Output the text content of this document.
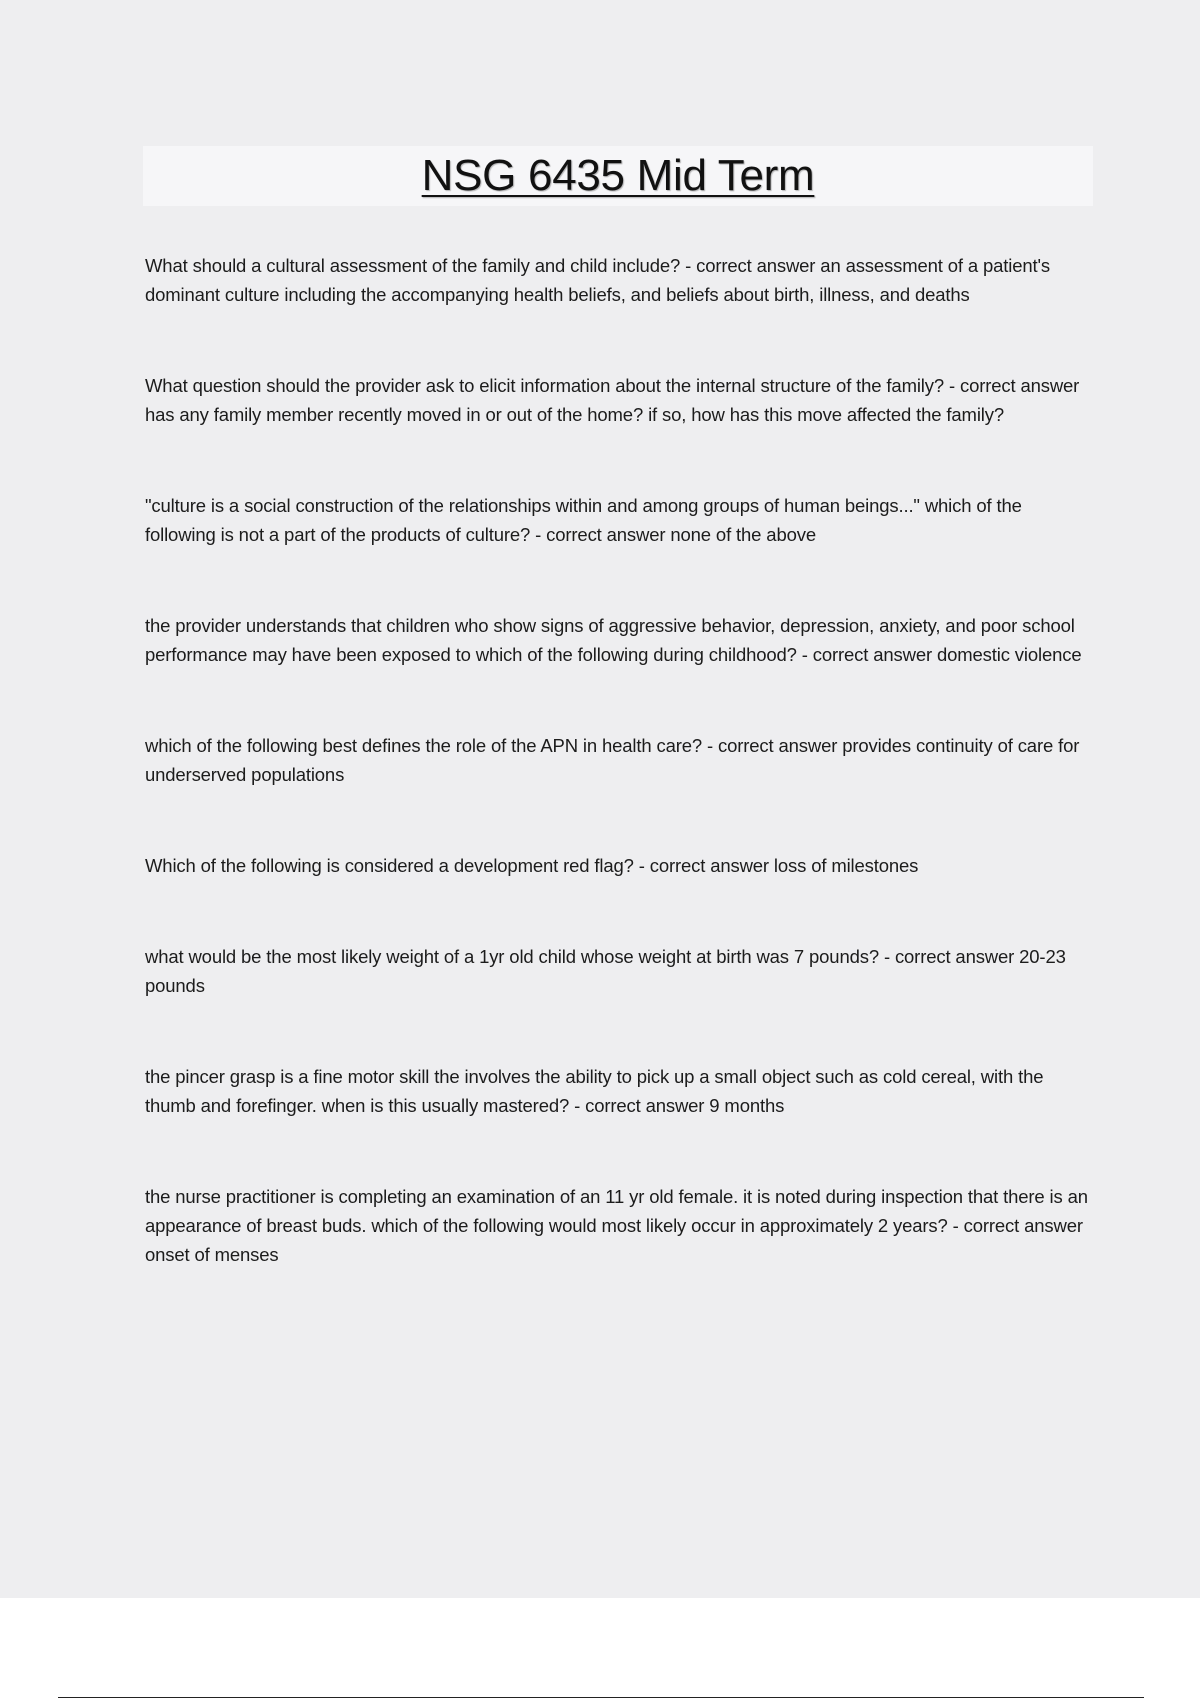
NSG 6435 Mid Term

What should a cultural assessment of the family and child include? - correct answer an assessment of a patient's dominant culture including the accompanying health beliefs, and beliefs about birth, illness, and deaths

What question should the provider ask to elicit information about the internal structure of the family? - correct answer has any family member recently moved in or out of the home? if so, how has this move affected the family?

"culture is a social construction of the relationships within and among groups of human beings..." which of the following is not a part of the products of culture? - correct answer none of the above

the provider understands that children who show signs of aggressive behavior, depression, anxiety, and poor school performance may have been exposed to which of the following during childhood? - correct answer domestic violence

which of the following best defines the role of the APN in health care? - correct answer provides continuity of care for underserved populations

Which of the following is considered a development red flag? - correct answer loss of milestones

what would be the most likely weight of a 1yr old child whose weight at birth was 7 pounds? - correct answer 20-23 pounds

the pincer grasp is a fine motor skill the involves the ability to pick up a small object such as cold cereal, with the thumb and forefinger. when is this usually mastered? - correct answer 9 months

the nurse practitioner is completing an examination of an 11 yr old female. it is noted during inspection that there is an appearance of breast buds. which of the following would most likely occur in approximately 2 years? - correct answer onset of menses
